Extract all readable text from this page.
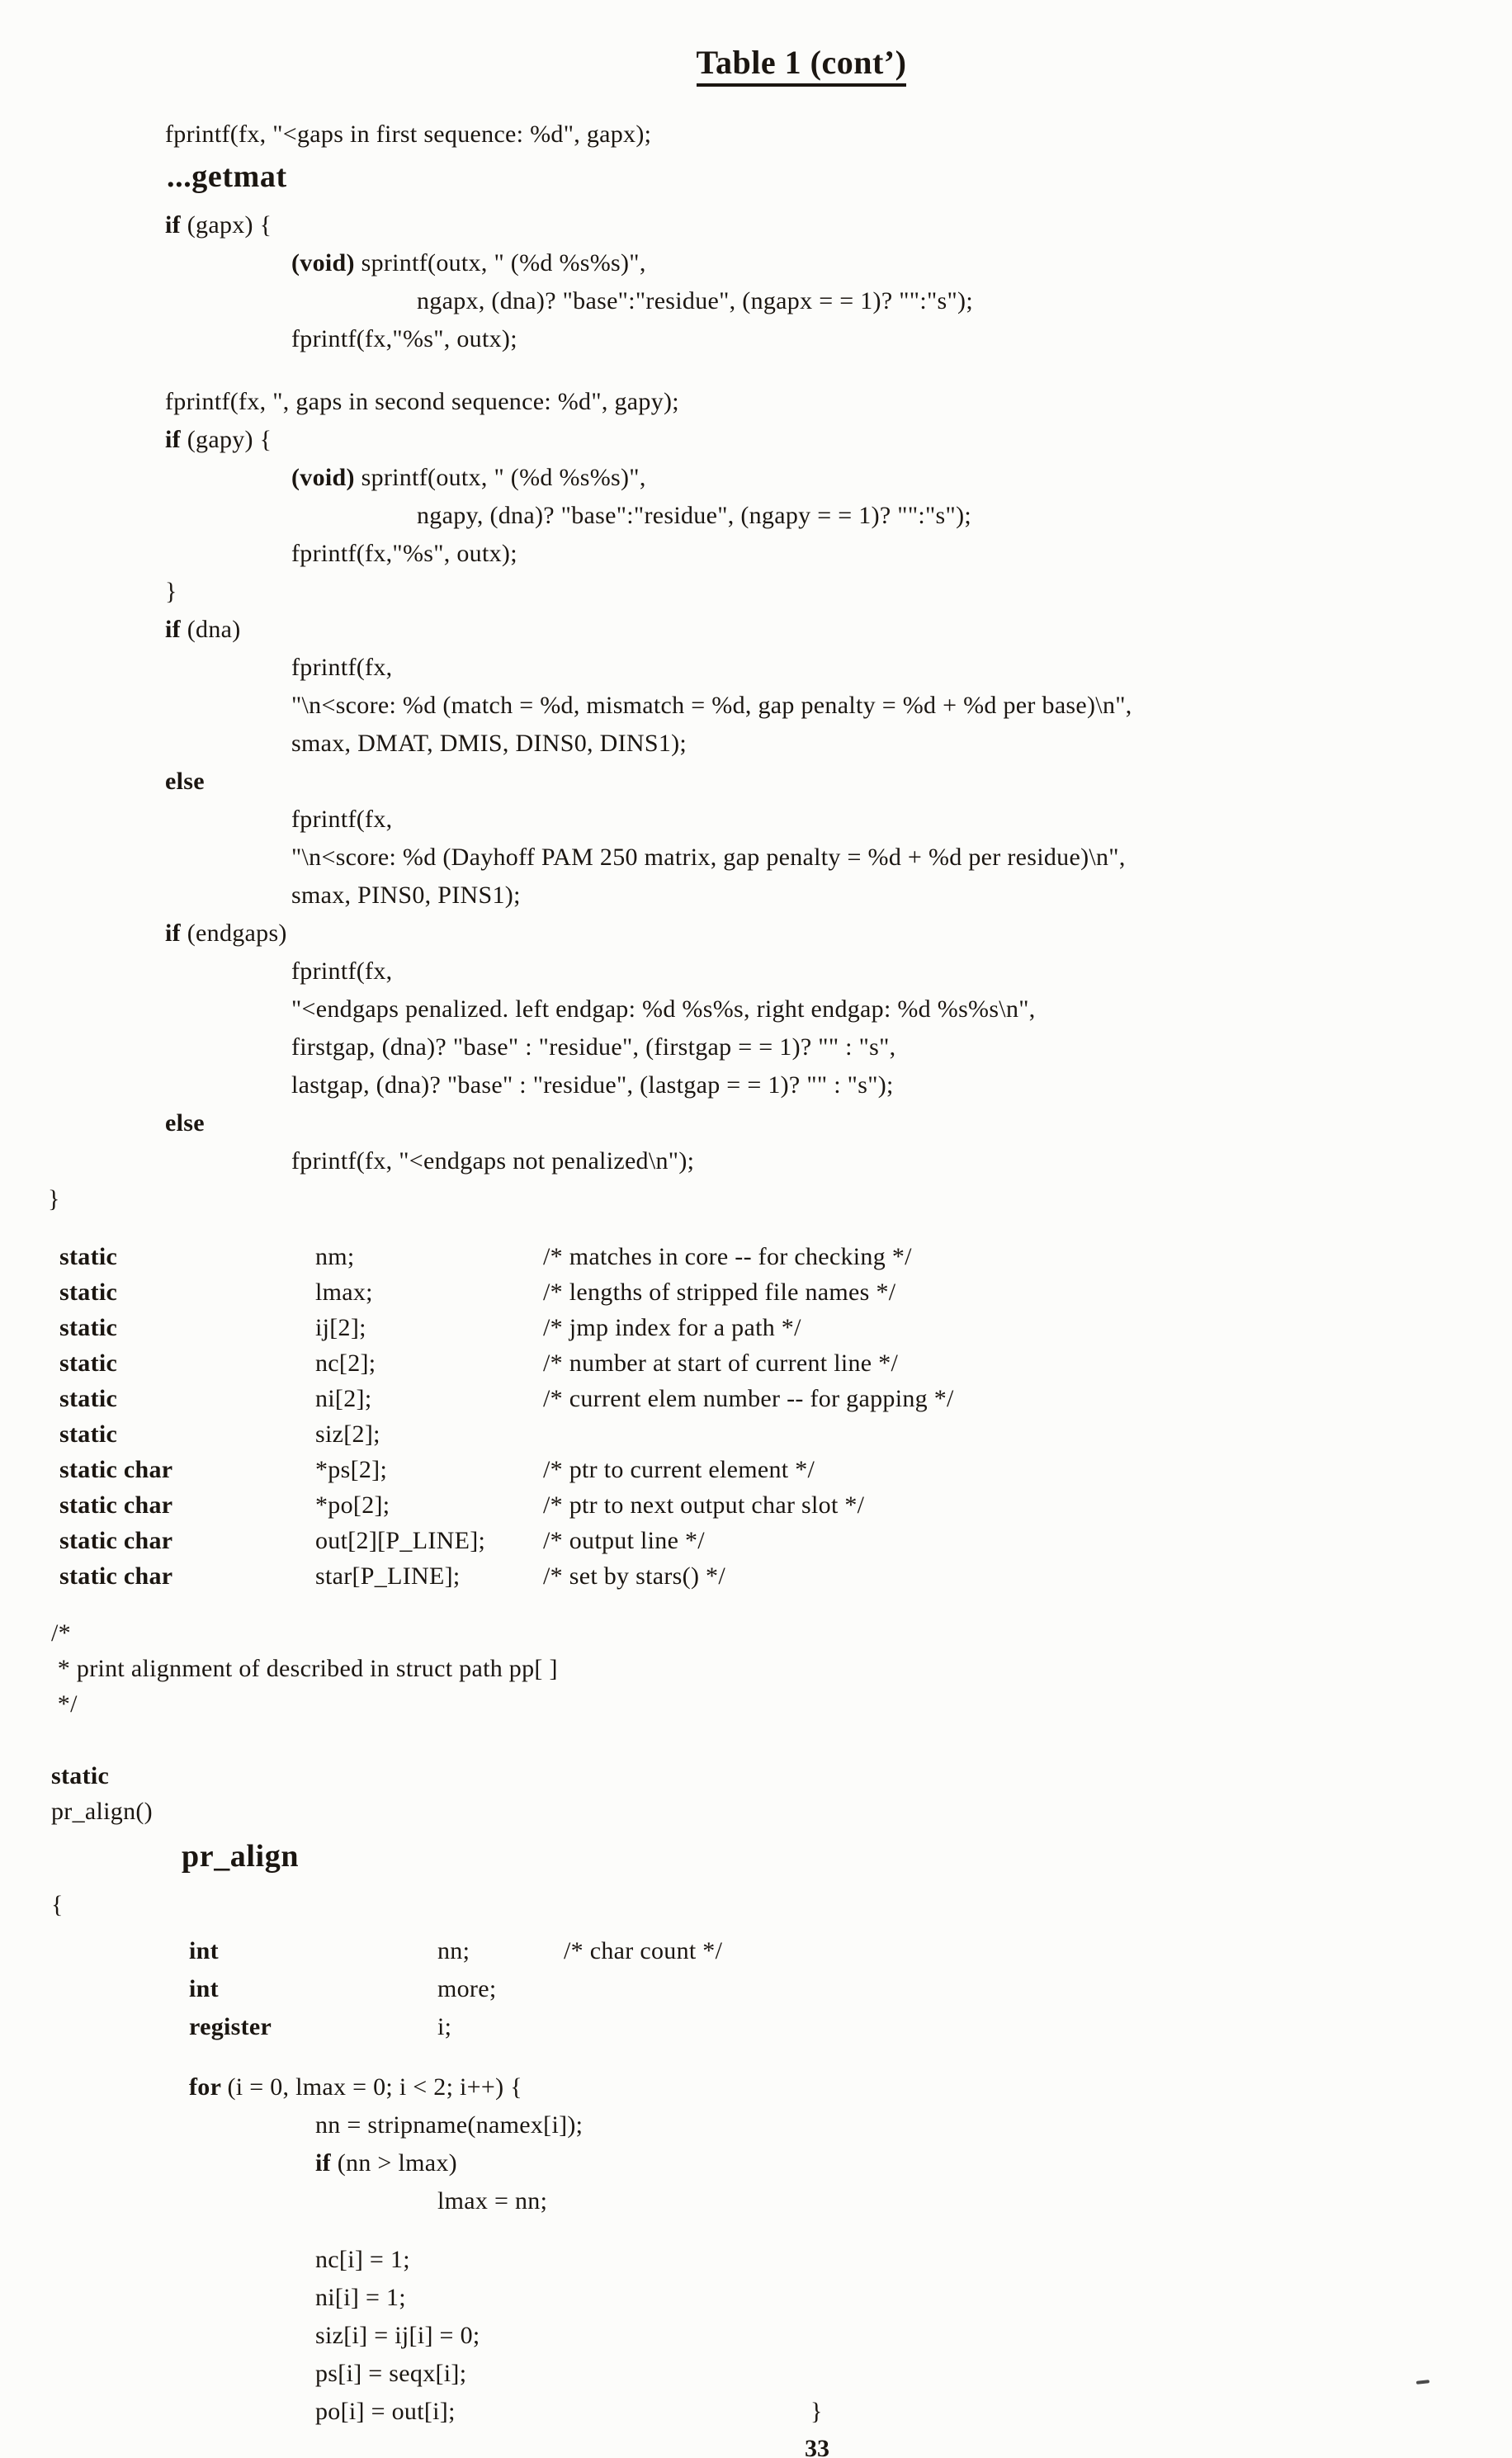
Table 1 (cont’)
fprintf(fx, "<gaps in first sequence: %d", gapx);
...getmat
if (gapx) {
(void) sprintf(outx, " (%d %s%s)",
ngapx, (dna)? "base":"residue", (ngapx = = 1)? "":"s");
fprintf(fx,"%s", outx);
fprintf(fx, ", gaps in second sequence: %d", gapy);
if (gapy) {
(void) sprintf(outx, " (%d %s%s)",
ngapy, (dna)? "base":"residue", (ngapy = = 1)? "":"s");
fprintf(fx,"%s", outx);
}
if (dna)
fprintf(fx,
"\n<score: %d (match = %d, mismatch = %d, gap penalty = %d + %d per base)\n",
smax, DMAT, DMIS, DINS0, DINS1);
else
fprintf(fx,
"\n<score: %d (Dayhoff PAM 250 matrix, gap penalty = %d + %d per residue)\n",
smax, PINS0, PINS1);
if (endgaps)
fprintf(fx,
"<endgaps penalized. left endgap: %d %s%s, right endgap: %d %s%s\n",
firstgap, (dna)? "base" : "residue", (firstgap = = 1)? "" : "s",
lastgap, (dna)? "base" : "residue", (lastgap = = 1)? "" : "s");
else
fprintf(fx, "<endgaps not penalized\n");
}
static	nm;	/* matches in core -- for checking */
static	lmax;	/* lengths of stripped file names */
static	ij[2];	/* jmp index for a path */
static	nc[2];	/* number at start of current line */
static	ni[2];	/* current elem number -- for gapping */
static	siz[2];
static char	*ps[2];	/* ptr to current element */
static char	*po[2];	/* ptr to next output char slot */
static char	out[2][P_LINE]; /* output line */
static char	star[P_LINE];	/* set by stars() */
/*
* print alignment of described in struct path pp[ ]
*/
static
pr_align()
pr_align
{
int	nn;	/* char count */
int	more;
register	i;
for (i = 0, lmax = 0; i < 2; i++) {
nn = stripname(namex[i]);
if (nn > lmax)
lmax = nn;
nc[i] = 1;
ni[i] = 1;
siz[i] = ij[i] = 0;
ps[i] = seqx[i];
po[i] = out[i];	}
33
